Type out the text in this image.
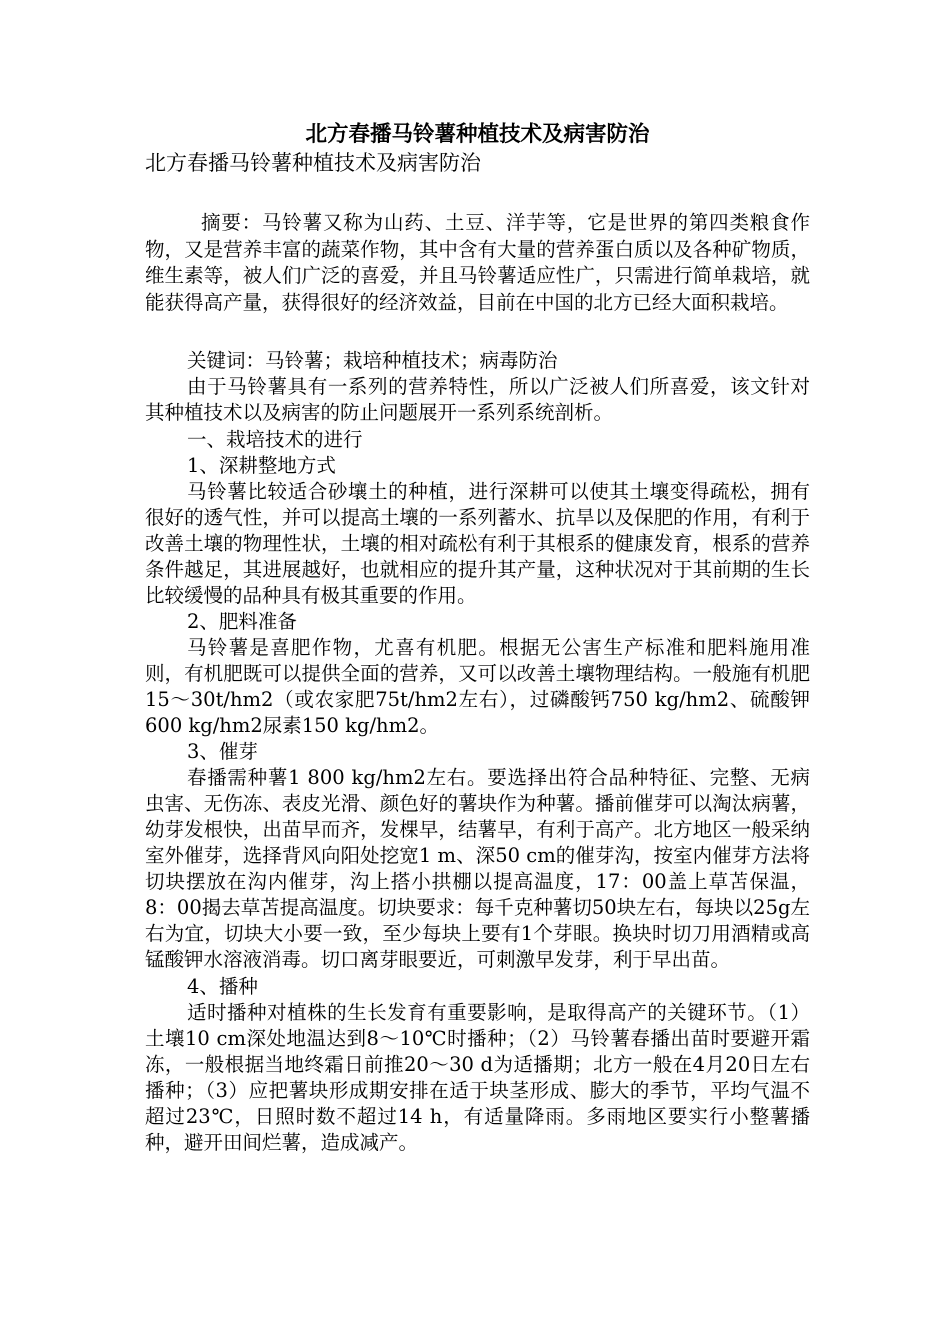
北方春播马铃薯种植技术及病害防治
北方春播马铃薯种植技术及病害防治

摘要：马铃薯又称为山药、土豆、洋芋等，它是世界的第四类粮食作物，又是营养丰富的蔬菜作物，其中含有大量的营养蛋白质以及各种矿物质，维生素等，被人们广泛的喜爱，并且马铃薯适应性广，只需进行简单栽培，就能获得高产量，获得很好的经济效益，目前在中国的北方已经大面积栽培。

关键词：马铃薯；栽培种植技术；病毒防治

由于马铃薯具有一系列的营养特性，所以广泛被人们所喜爱，该文针对其种植技术以及病害的防止问题展开一系列系统剖析。

一、栽培技术的进行

1、深耕整地方式

马铃薯比较适合砂壤土的种植，进行深耕可以使其土壤变得疏松，拥有很好的透气性，并可以提高土壤的一系列蓄水、抗旱以及保肥的作用，有利于改善土壤的物理性状，土壤的相对疏松有利于其根系的健康发育，根系的营养条件越足，其进展越好，也就相应的提升其产量，这种状况对于其前期的生长比较缓慢的品种具有极其重要的作用。

2、肥料准备

马铃薯是喜肥作物，尤喜有机肥。根据无公害生产标准和肥料施用准则，有机肥既可以提供全面的营养，又可以改善土壤物理结构。一般施有机肥15～30t/hm2（或农家肥75t/hm2左右），过磷酸钙750 kg/hm2、硫酸钾600 kg/hm2尿素150 kg/hm2。

3、催芽

春播需种薯1 800 kg/hm2左右。要选择出符合品种特征、完整、无病虫害、无伤冻、表皮光滑、颜色好的薯块作为种薯。播前催芽可以淘汰病薯，幼芽发根快，出苗早而齐，发棵早，结薯早，有利于高产。北方地区一般采纳室外催芽，选择背风向阳处挖宽1 m、深50 cm的催芽沟，按室内催芽方法将切块摆放在沟内催芽，沟上搭小拱棚以提高温度，17：00盖上草苫保温，8：00揭去草苫提高温度。切块要求：每千克种薯切50块左右，每块以25g左右为宜，切块大小要一致，至少每块上要有1个芽眼。换块时切刀用酒精或高锰酸钾水溶液消毒。切口离芽眼要近，可刺激早发芽，利于早出苗。

4、播种

适时播种对植株的生长发育有重要影响，是取得高产的关键环节。（1）土壤10 cm深处地温达到8～10℃时播种；（2）马铃薯春播出苗时要避开霜冻，一般根据当地终霜日前推20～30 d为适播期；北方一般在4月20日左右播种；（3）应把薯块形成期安排在适于块茎形成、膨大的季节，平均气温不超过23℃，日照时数不超过14 h，有适量降雨。多雨地区要实行小整薯播种，避开田间烂薯，造成减产。
